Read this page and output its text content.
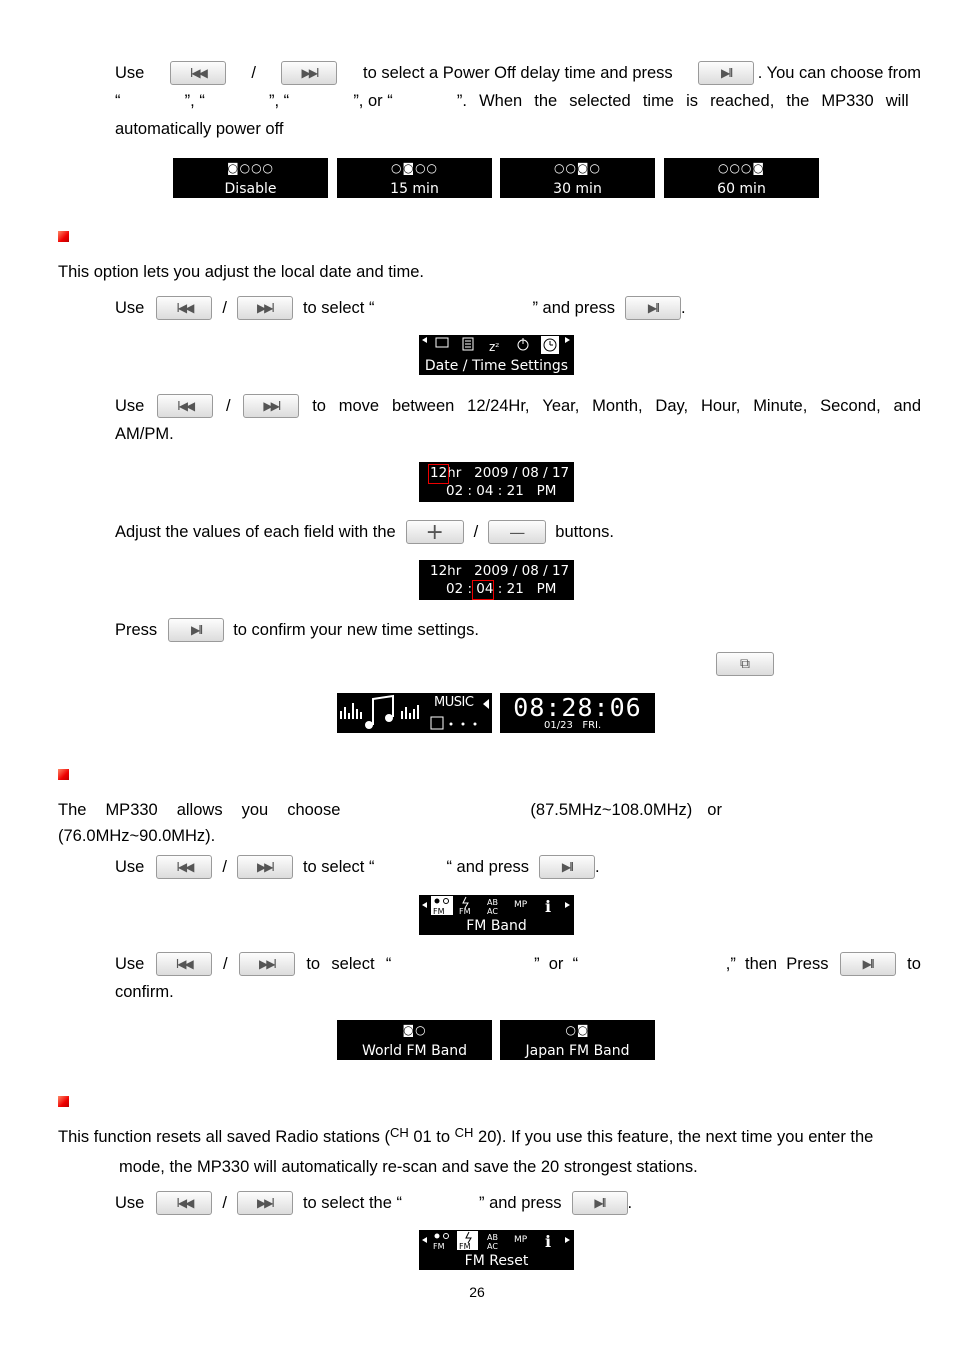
Use	I◀◀	/	▶▶I	to select a Power Off delay time and press	▶II	. You can choose from
“	”, “	”, “	”, or “	”. When the selected time is reached, the MP330 will
automatically power off
◙○○○
Disable
○◙○○
15 min
○○◙○
30 min
○○○◙
60 min
This option lets you adjust the local date and time.
Use	I◀◀	/	▶▶I	to select “	” and press	▶II	.
zᶻ
Date / Time Settings
Use	I◀◀	/	▶▶I	to move between 12/24Hr, Year, Month, Day, Hour, Minute, Second, and
AM/PM.
12hr   2009 / 08 / 17
02 : 04 : 21   PM
Adjust the values of each field with the	+	/	—	buttons.
12hr   2009 / 08 / 17
02 : 04 : 21   PM
Press	▶II	to confirm your new time settings.
⧉
MUSIC	08:28:06
01/23   FRI.
The MP330 allows you choose	(87.5MHz~108.0MHz) or
(76.0MHz~90.0MHz).
Use	I◀◀	/	▶▶I	to select “	“ and press	▶II	.
FM FM
AB
AC
MP i
FM Band
Use	I◀◀	/	▶▶I	to select “	”  or  “	,”  then  Press	▶II	to
confirm.
◙○
World FM Band
○◙
Japan FM Band
This function resets all saved Radio stations ($^{CH}$ 01 to $^{CH}$ 20). If you use this feature, the next time you enter the
mode, the MP330 will automatically re-scan and save the 20 strongest stations.
Use	I◀◀	/	▶▶I	to select the “	” and press	▶II	.
FM FM
AB
AC
MP i
FM Reset
26
